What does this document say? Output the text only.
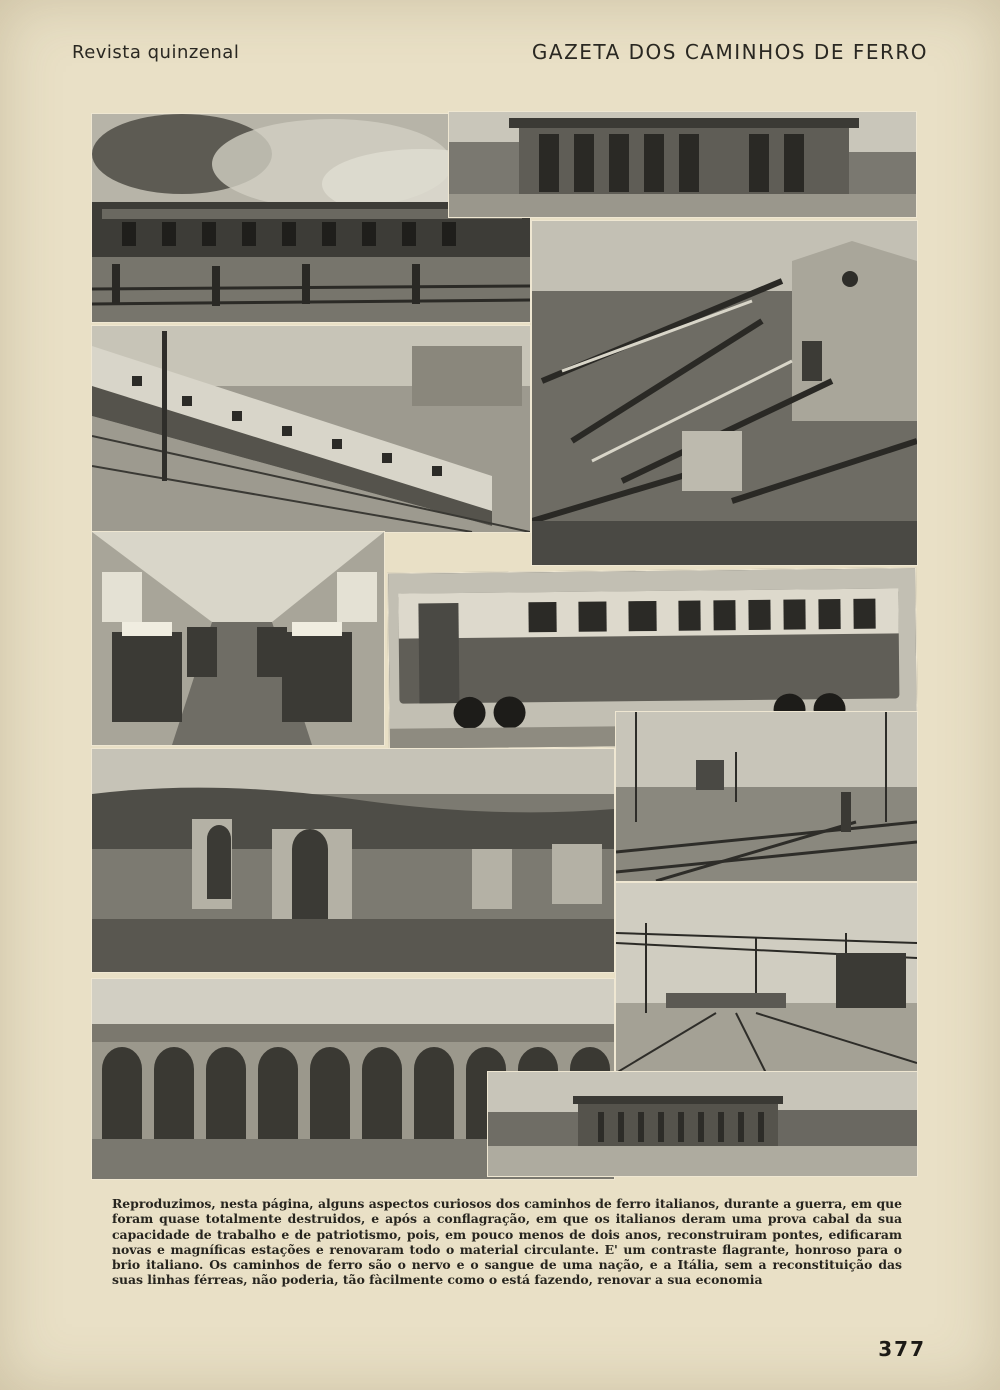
Revista quinzenal	GAZETA DOS CAMINHOS DE FERRO

Reproduzimos, nesta página, alguns aspectos curiosos dos caminhos de ferro italianos, durante a guerra, em que foram quase totalmente destruidos, e após a conflagração, em que os italianos deram uma prova cabal da sua capacidade de trabalho e de patriotismo, pois, em pouco menos de dois anos, reconstruiram pontes, edificaram novas e magníficas estações e renovaram todo o material circulante. E' um contraste flagrante, honroso para o brio italiano. Os caminhos de ferro são o nervo e o sangue de uma nação, e a Itália, sem a reconstituição das suas linhas férreas, não poderia, tão fàcilmente como o está fazendo, renovar a sua economia

377
